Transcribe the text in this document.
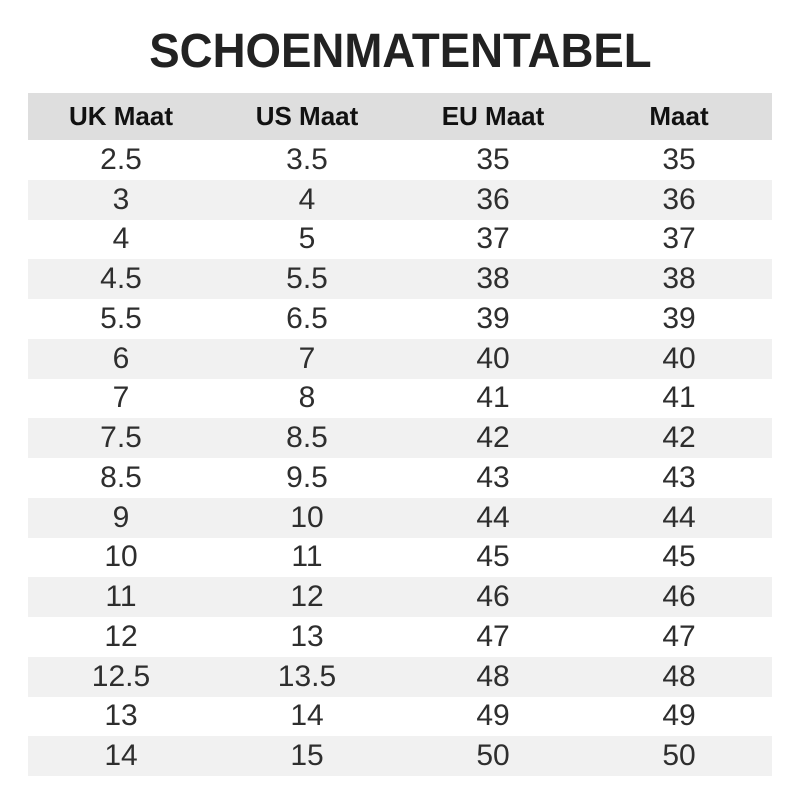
SCHOENMATENTABEL
UK Maat	US Maat	EU Maat	Maat
2.5	3.5	35	35
3	4	36	36
4	5	37	37
4.5	5.5	38	38
5.5	6.5	39	39
6	7	40	40
7	8	41	41
7.5	8.5	42	42
8.5	9.5	43	43
9	10	44	44
10	11	45	45
11	12	46	46
12	13	47	47
12.5	13.5	48	48
13	14	49	49
14	15	50	50
